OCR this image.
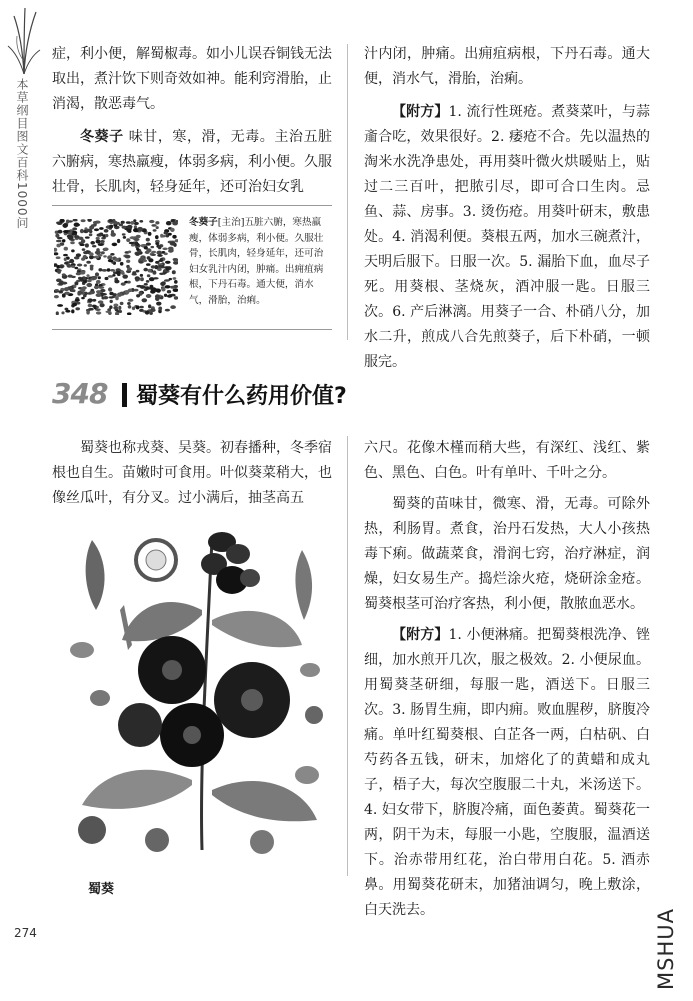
本草纲目图文百科1000问

症，利小便，解蜀椒毒。如小儿误吞铜钱无法取出，煮汁饮下则奇效如神。能利窍滑胎，止消渴，散恶毒气。

冬葵子 味甘，寒，滑，无毒。主治五脏六腑病，寒热羸瘦，体弱多病，利小便。久服壮骨，长肌肉，轻身延年，还可治妇女乳

冬葵子[主治]五脏六腑，寒热羸瘦，体弱多病，利小便。久服壮骨，长肌肉，轻身延年，还可治妇女乳汁内闭，肿痛。出痈疽病根，下丹石毒。通大便，消水气，滑胎，治痢。

汁内闭，肿痛。出痈疽病根，下丹石毒。通大便，消水气，滑胎，治痢。

【附方】1. 流行性斑疮。煮葵菜叶，与蒜齑合吃，效果很好。2. 痿疮不合。先以温热的淘米水洗净患处，再用葵叶微火烘暖贴上，贴过二三百叶，把脓引尽，即可合口生肉。忌鱼、蒜、房事。3. 烫伤疮。用葵叶研末，敷患处。4. 消渴利便。葵根五两，加水三碗煮汁，天明后服下。日服一次。5. 漏胎下血，血尽子死。用葵根、茎烧灰，酒冲服一匙。日服三次。6. 产后淋漓。用葵子一合、朴硝八分，加水二升，煎成八合先煎葵子，后下朴硝，一顿服完。

348 蜀葵有什么药用价值?

蜀葵也称戎葵、吴葵。初春播种，冬季宿根也自生。苗嫩时可食用。叶似葵菜稍大，也像丝瓜叶，有分叉。过小满后，抽茎高五

蜀葵

六尺。花像木槿而稍大些，有深红、浅红、紫色、黑色、白色。叶有单叶、千叶之分。

蜀葵的苗味甘，微寒、滑，无毒。可除外热，利肠胃。煮食，治丹石发热，大人小孩热毒下痢。做蔬菜食，滑润七窍，治疗淋症，润燥，妇女易生产。捣烂涂火疮，烧研涂金疮。蜀葵根茎可治疗客热，利小便，散脓血恶水。

【附方】1. 小便淋痛。把蜀葵根洗净、锉细，加水煎开几次，服之极效。2. 小便尿血。用蜀葵茎研细，每服一匙，酒送下。日服三次。3. 肠胃生痈，即内痈。败血腥秽，脐腹冷痛。单叶红蜀葵根、白芷各一两，白枯矾、白芍药各五钱，研末，加熔化了的黄蜡和成丸子，梧子大，每次空腹服二十丸，米汤送下。4. 妇女带下，脐腹冷痛，面色萎黄。蜀葵花一两，阴干为末，每服一小匙，空腹服，温酒送下。治赤带用红花，治白带用白花。5. 酒赤鼻。用蜀葵花研末，加猪油调匀，晚上敷涂，白天洗去。

274	MSHUA
